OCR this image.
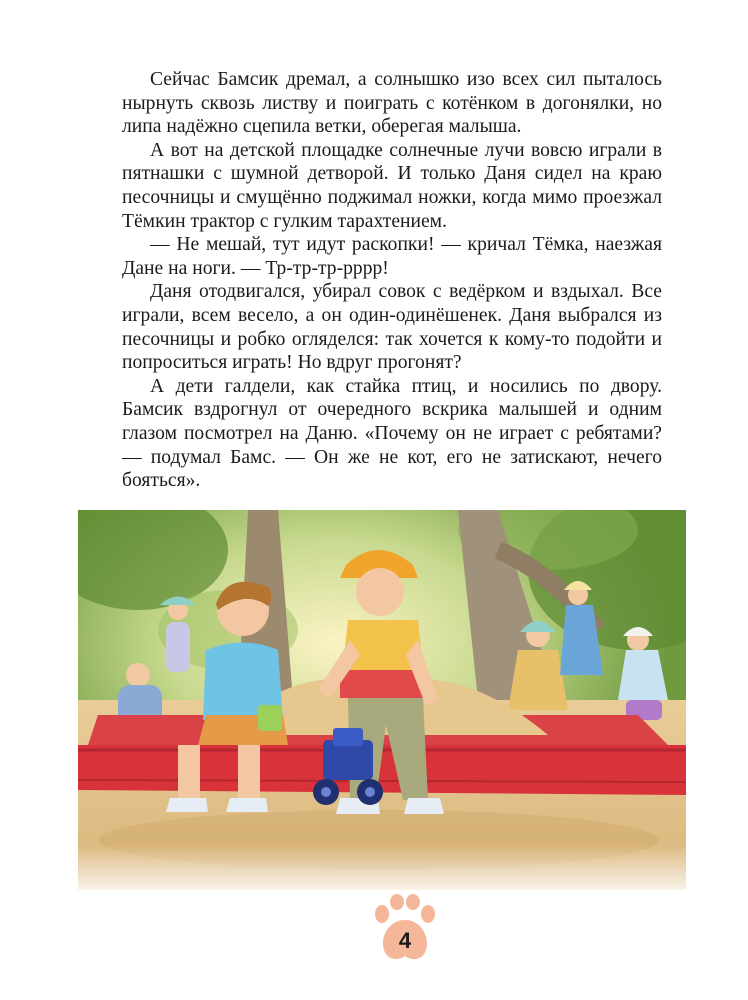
Сейчас Бамсик дремал, а солнышко изо всех сил пыталось нырнуть сквозь листву и поиграть с котёнком в догонялки, но липа надёжно сцепила ветки, оберегая малыша.

А вот на детской площадке солнечные лучи вовсю играли в пятнашки с шумной детворой. И только Даня сидел на краю песочницы и смущённо поджимал ножки, когда мимо проезжал Тёмкин трактор с гулким тарахтением.

— Не мешай, тут идут раскопки! — кричал Тёмка, наезжая Дане на ноги. — Тр-тр-тр-рррр!

Даня отодвигался, убирал совок с ведёрком и вздыхал. Все играли, всем весело, а он один-одинёшенек. Даня выбрался из песочницы и робко огляделся: так хочется к кому-то подойти и попроситься играть! Но вдруг прогонят?

А дети галдели, как стайка птиц, и носились по двору. Бамсик вздрогнул от очередного вскрика малышей и одним глазом посмотрел на Даню. «Почему он не играет с ребятами? — подумал Бамс. — Он же не кот, его не затискают, нечего бояться».

4
